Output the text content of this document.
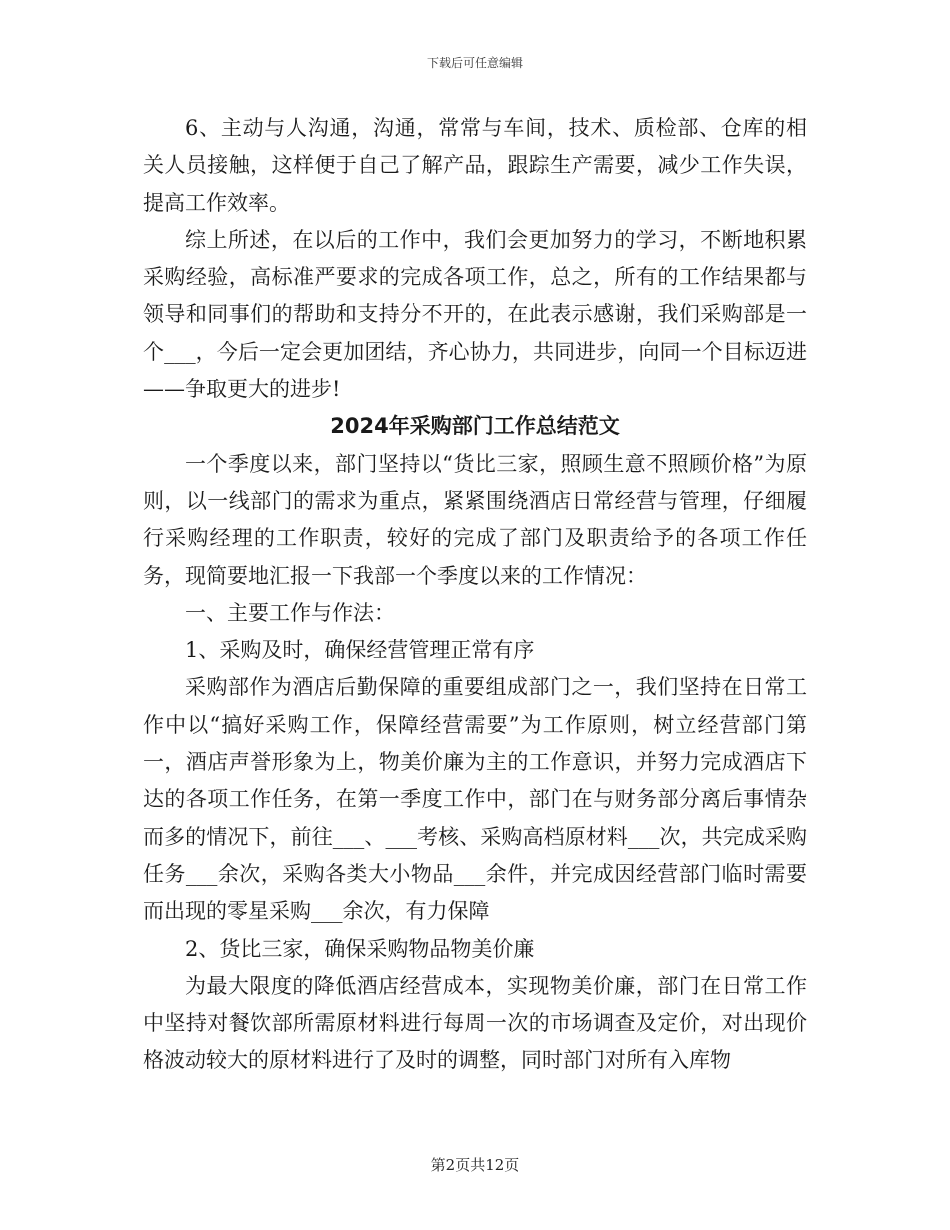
下载后可任意编辑

6、主动与人沟通，沟通，常常与车间，技术、质检部、仓库的相关人员接触，这样便于自己了解产品，跟踪生产需要，减少工作失误，提高工作效率。

综上所述，在以后的工作中，我们会更加努力的学习，不断地积累采购经验，高标准严要求的完成各项工作，总之，所有的工作结果都与领导和同事们的帮助和支持分不开的，在此表示感谢，我们采购部是一个___，今后一定会更加团结，齐心协力，共同进步，向同一个目标迈进——争取更大的进步!

2024年采购部门工作总结范文

一个季度以来，部门坚持以“货比三家，照顾生意不照顾价格”为原则，以一线部门的需求为重点，紧紧围绕酒店日常经营与管理，仔细履行采购经理的工作职责，较好的完成了部门及职责给予的各项工作任务，现简要地汇报一下我部一个季度以来的工作情况：

一、主要工作与作法：

1、采购及时，确保经营管理正常有序

采购部作为酒店后勤保障的重要组成部门之一，我们坚持在日常工作中以“搞好采购工作，保障经营需要”为工作原则，树立经营部门第一，酒店声誉形象为上，物美价廉为主的工作意识，并努力完成酒店下达的各项工作任务，在第一季度工作中，部门在与财务部分离后事情杂而多的情况下，前往___、___考核、采购高档原材料___次，共完成采购任务___余次，采购各类大小物品___余件，并完成因经营部门临时需要而出现的零星采购___余次，有力保障

2、货比三家，确保采购物品物美价廉

为最大限度的降低酒店经营成本，实现物美价廉，部门在日常工作中坚持对餐饮部所需原材料进行每周一次的市场调查及定价，对出现价格波动较大的原材料进行了及时的调整，同时部门对所有入库物

第2页共12页
